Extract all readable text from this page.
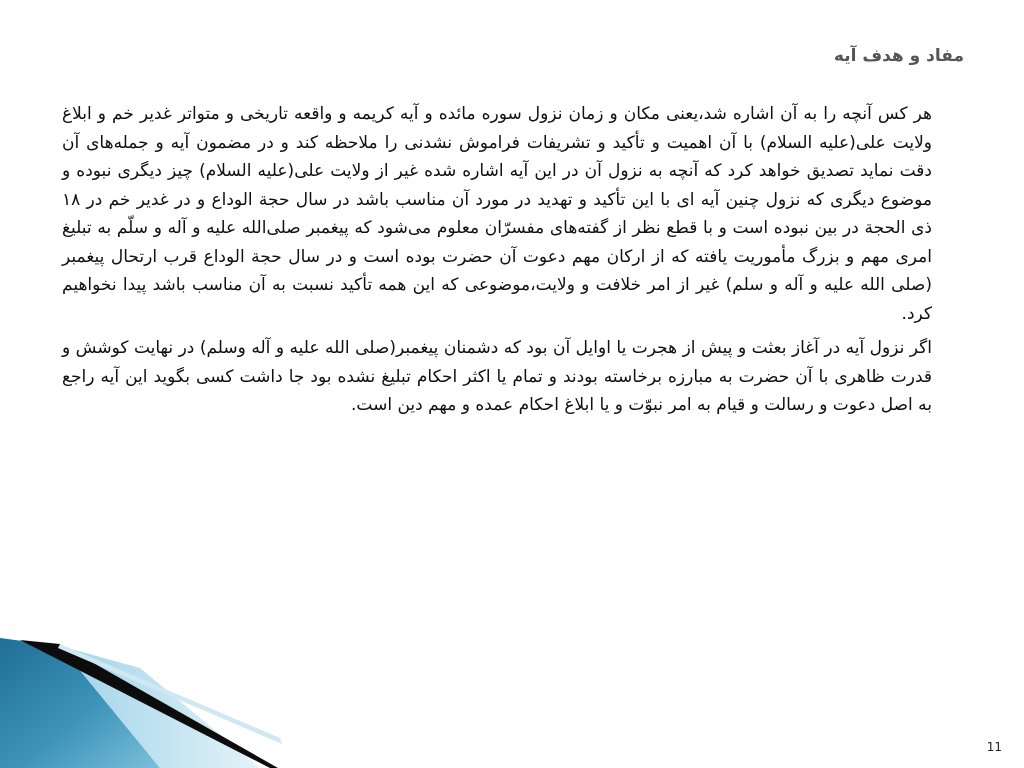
مفاد و هدف آیه

هر کس آنچه را به آن اشاره شد،یعنی مکان و زمان نزول سوره مائده و آیه کریمه و واقعه تاریخی و متواتر غدیر خم و ابلاغ ولایت علی(علیه السلام) با آن اهمیت و تأکید و تشریفات فراموش نشدنی را ملاحظه کند و در مضمون آیه و جمله‌های آن دقت نماید تصدیق خواهد کرد که آنچه به نزول آن در این آیه اشاره شده غیر از ولایت علی(علیه السلام) چیز دیگری نبوده و موضوع دیگری که نزول چنین آیه ای با این تأکید و تهدید در مورد آن مناسب باشد در سال حجة الوداع و در غدیر خم در ۱۸ ذی الحجة در بین نبوده است و با قطع نظر از گفته‌های مفسرّان معلوم می‌شود که پیغمبر صلی‌الله علیه و آله و سلّم به تبلیغ امری مهم و بزرگ مأموریت یافته که از ارکان مهم دعوت آن حضرت بوده است و در سال حجة الوداع قرب ارتحال پیغمبر (صلی الله علیه و آله و سلم) غیر از امر خلافت و ولایت،موضوعی که این همه تأکید نسبت به آن مناسب باشد پیدا نخواهیم کرد.

اگر نزول آیه در آغاز بعثت و پیش از هجرت یا اوایل آن بود که دشمنان پیغمبر(صلی الله علیه و آله وسلم) در نهایت کوشش و قدرت ظاهری با آن حضرت به مبارزه برخاسته بودند و تمام یا اکثر احکام تبلیغ نشده بود جا داشت کسی بگوید این آیه راجع به اصل دعوت و رسالت و قیام به امر نبوّت و یا ابلاغ احکام عمده و مهم دین است.

11
